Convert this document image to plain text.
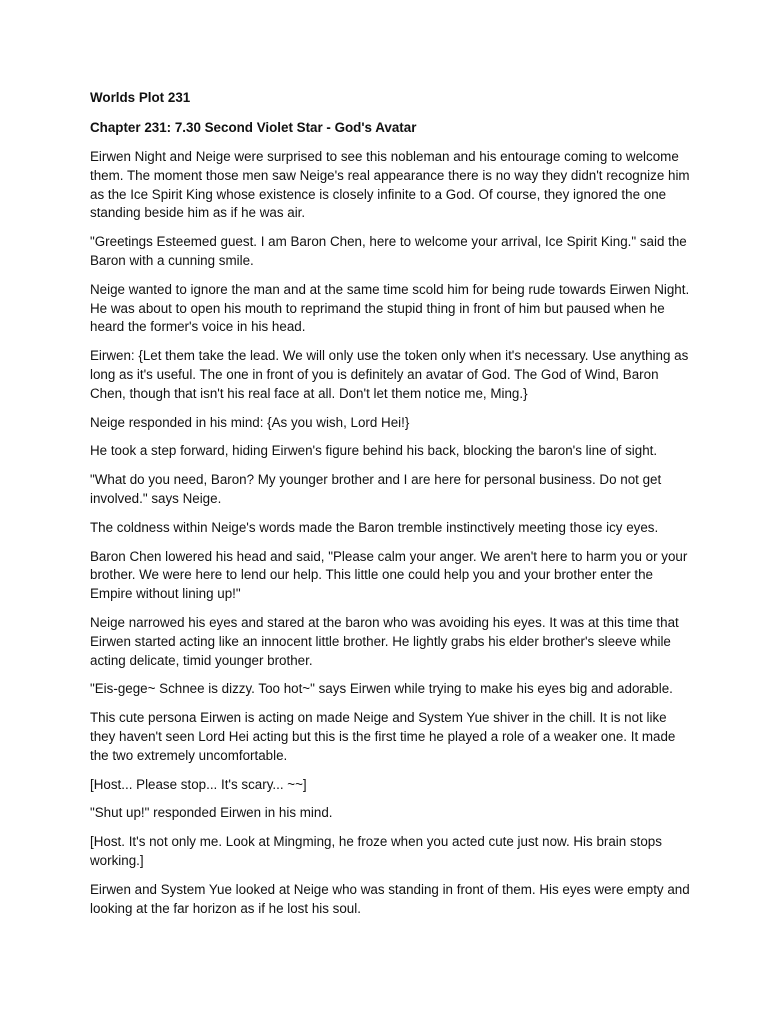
Worlds Plot 231
Chapter 231: 7.30 Second Violet Star - God's Avatar

Eirwen Night and Neige were surprised to see this nobleman and his entourage coming to welcome them. The moment those men saw Neige's real appearance there is no way they didn't recognize him as the Ice Spirit King whose existence is closely infinite to a God. Of course, they ignored the one standing beside him as if he was air.

"Greetings Esteemed guest. I am Baron Chen, here to welcome your arrival, Ice Spirit King." said the Baron with a cunning smile.

Neige wanted to ignore the man and at the same time scold him for being rude towards Eirwen Night. He was about to open his mouth to reprimand the stupid thing in front of him but paused when he heard the former's voice in his head.

Eirwen: {Let them take the lead. We will only use the token only when it's necessary. Use anything as long as it's useful. The one in front of you is definitely an avatar of God. The God of Wind, Baron Chen, though that isn't his real face at all. Don't let them notice me, Ming.}

Neige responded in his mind: {As you wish, Lord Hei!}

He took a step forward, hiding Eirwen's figure behind his back, blocking the baron's line of sight.

"What do you need, Baron? My younger brother and I are here for personal business. Do not get involved." says Neige.

The coldness within Neige's words made the Baron tremble instinctively meeting those icy eyes.

Baron Chen lowered his head and said, "Please calm your anger. We aren't here to harm you or your brother. We were here to lend our help. This little one could help you and your brother enter the Empire without lining up!"

Neige narrowed his eyes and stared at the baron who was avoiding his eyes. It was at this time that Eirwen started acting like an innocent little brother. He lightly grabs his elder brother's sleeve while acting delicate, timid younger brother.

"Eis-gege~ Schnee is dizzy. Too hot~" says Eirwen while trying to make his eyes big and adorable.

This cute persona Eirwen is acting on made Neige and System Yue shiver in the chill. It is not like they haven't seen Lord Hei acting but this is the first time he played a role of a weaker one. It made the two extremely uncomfortable.

[Host... Please stop... It's scary... ~~]

"Shut up!" responded Eirwen in his mind.

[Host. It's not only me. Look at Mingming, he froze when you acted cute just now. His brain stops working.]

Eirwen and System Yue looked at Neige who was standing in front of them. His eyes were empty and looking at the far horizon as if he lost his soul.
